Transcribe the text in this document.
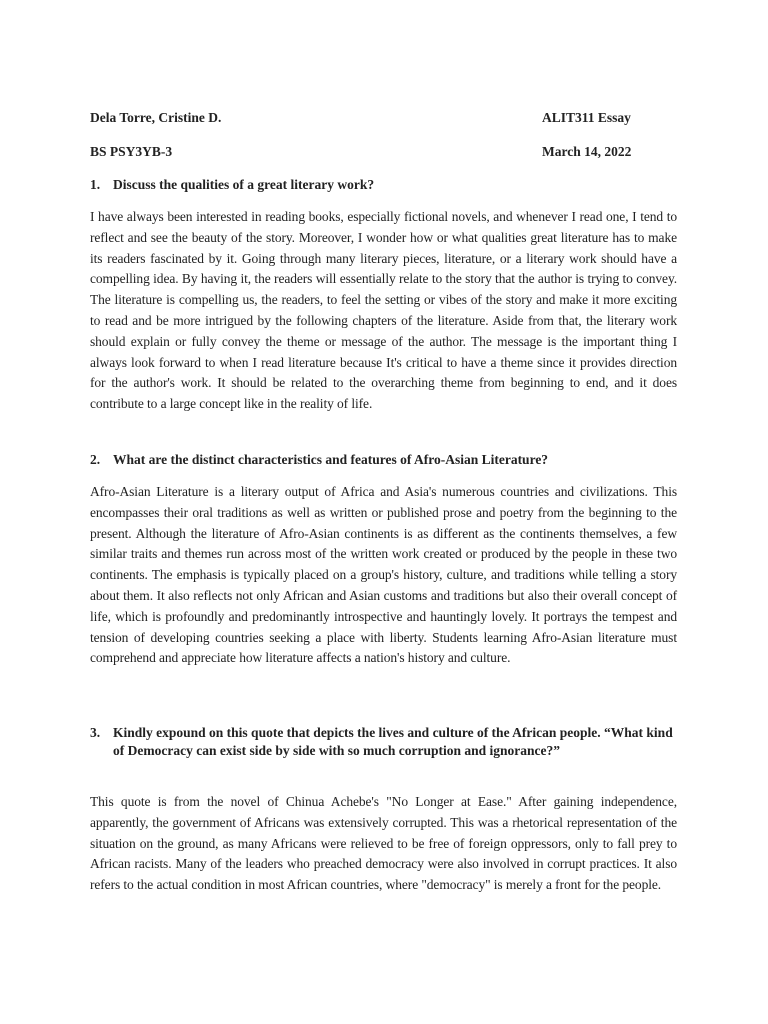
Dela Torre, Cristine D.	ALIT311 Essay
BS PSY3YB-3	March 14, 2022
1. Discuss the qualities of a great literary work?

I have always been interested in reading books, especially fictional novels, and whenever I read one, I tend to reflect and see the beauty of the story. Moreover, I wonder how or what qualities great literature has to make its readers fascinated by it. Going through many literary pieces, literature, or a literary work should have a compelling idea. By having it, the readers will essentially relate to the story that the author is trying to convey. The literature is compelling us, the readers, to feel the setting or vibes of the story and make it more exciting to read and be more intrigued by the following chapters of the literature. Aside from that, the literary work should explain or fully convey the theme or message of the author. The message is the important thing I always look forward to when I read literature because It's critical to have a theme since it provides direction for the author's work. It should be related to the overarching theme from beginning to end, and it does contribute to a large concept like in the reality of life.

2. What are the distinct characteristics and features of Afro-Asian Literature?

Afro-Asian Literature is a literary output of Africa and Asia's numerous countries and civilizations. This encompasses their oral traditions as well as written or published prose and poetry from the beginning to the present. Although the literature of Afro-Asian continents is as different as the continents themselves, a few similar traits and themes run across most of the written work created or produced by the people in these two continents. The emphasis is typically placed on a group's history, culture, and traditions while telling a story about them. It also reflects not only African and Asian customs and traditions but also their overall concept of life, which is profoundly and predominantly introspective and hauntingly lovely. It portrays the tempest and tension of developing countries seeking a place with liberty. Students learning Afro-Asian literature must comprehend and appreciate how literature affects a nation's history and culture.

3. Kindly expound on this quote that depicts the lives and culture of the African people. “What kind of Democracy can exist side by side with so much corruption and ignorance?”

This quote is from the novel of Chinua Achebe's "No Longer at Ease." After gaining independence, apparently, the government of Africans was extensively corrupted. This was a rhetorical representation of the situation on the ground, as many Africans were relieved to be free of foreign oppressors, only to fall prey to African racists. Many of the leaders who preached democracy were also involved in corrupt practices. It also refers to the actual condition in most African countries, where "democracy" is merely a front for the people.
